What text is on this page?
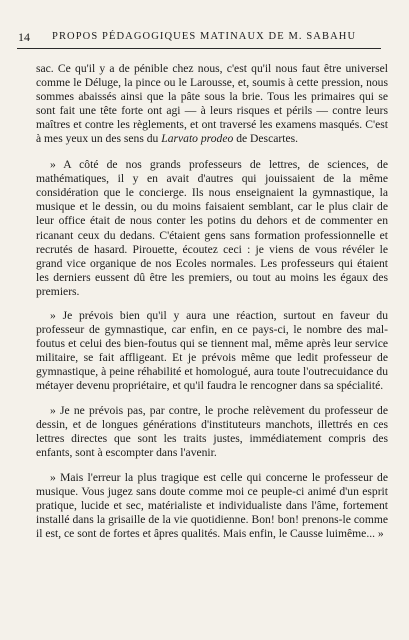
14 PROPOS PÉDAGOGIQUES MATINAUX DE M. SABAHU

sac. Ce qu'il y a de pénible chez nous, c'est qu'il nous faut être universel comme le Déluge, la pince ou le Larousse, et, soumis à cette pression, nous sommes abaissés ainsi que la pâte sous la brie. Tous les primaires qui se sont fait une tête forte ont agi — à leurs risques et périls — contre leurs maîtres et contre les règlements, et ont traversé les examens masqués. C'est à mes yeux un des sens du Larvato prodeo de Descartes.

» A côté de nos grands professeurs de lettres, de sciences, de mathématiques, il y en avait d'autres qui jouissaient de la même considération que le concierge. Ils nous enseignaient la gymnastique, la musique et le dessin, ou du moins faisaient semblant, car le plus clair de leur office était de nous conter les potins du dehors et de commenter en ricanant ceux du dedans. C'étaient gens sans formation professionnelle et recrutés de hasard. Pirouette, écoutez ceci : je viens de vous révéler le grand vice organique de nos Ecoles normales. Les professeurs qui étaient les derniers eussent dû être les premiers, ou tout au moins les égaux des premiers.

» Je prévois bien qu'il y aura une réaction, surtout en faveur du professeur de gymnastique, car enfin, en ce pays-ci, le nombre des mal-foutus et celui des bien-foutus qui se tiennent mal, même après leur service militaire, se fait affligeant. Et je prévois même que ledit professeur de gymnastique, à peine réhabilité et homologué, aura toute l'outrecuidance du métayer devenu propriétaire, et qu'il faudra le rencogner dans sa spécialité.

» Je ne prévois pas, par contre, le proche relèvement du professeur de dessin, et de longues générations d'instituteurs manchots, illettrés en ces lettres directes que sont les traits justes, immédiatement compris des enfants, sont à escompter dans l'avenir.

» Mais l'erreur la plus tragique est celle qui concerne le professeur de musique. Vous jugez sans doute comme moi ce peuple-ci animé d'un esprit pratique, lucide et sec, matérialiste et individualiste dans l'âme, fortement installé dans la grisaille de la vie quotidienne. Bon! bon! prenons-le comme il est, ce sont de fortes et âpres qualités. Mais enfin, le Causse luimême... »
